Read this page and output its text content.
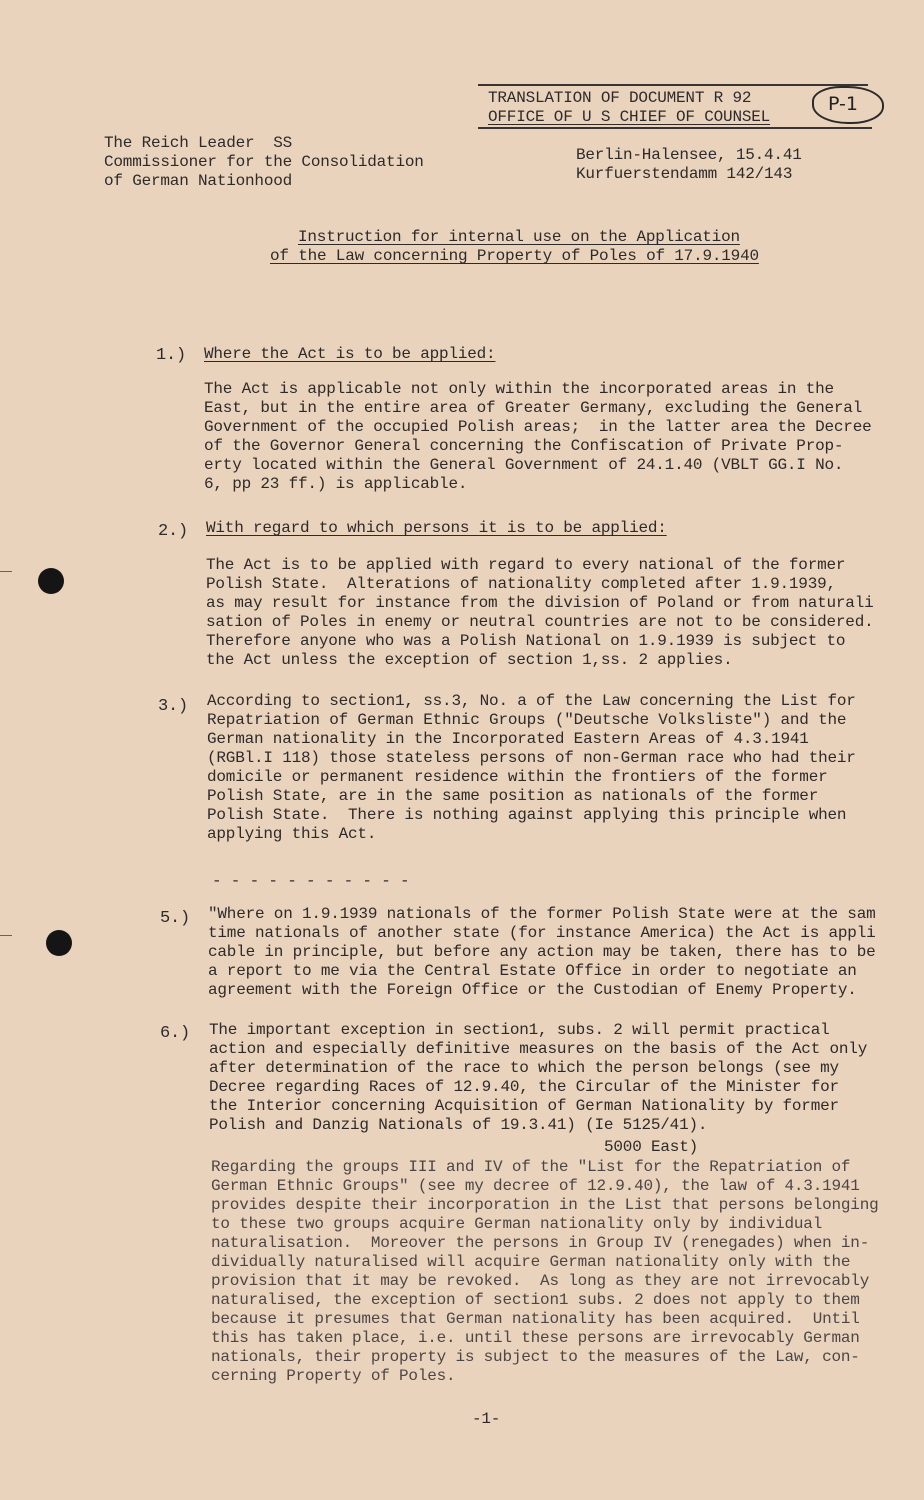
TRANSLATION OF DOCUMENT R 92
OFFICE OF U S CHIEF OF COUNSEL
P-1
The Reich Leader  SS
Commissioner for the Consolidation
of German Nationhood
Berlin-Halensee, 15.4.41
Kurfuerstendamm 142/143
Instruction for internal use on the Application
of the Law concerning Property of Poles of 17.9.1940
1.) Where the Act is to be applied:
The Act is applicable not only within the incorporated areas in the
East, but in the entire area of Greater Germany, excluding the General
Government of the occupied Polish areas;  in the latter area the Decree
of the Governor General concerning the Confiscation of Private Prop-
erty located within the General Government of 24.1.40 (VBLT GG.I No.
6, pp 23 ff.) is applicable.
2.) With regard to which persons it is to be applied:
The Act is to be applied with regard to every national of the former
Polish State.  Alterations of nationality completed after 1.9.1939,
as may result for instance from the division of Poland or from naturali
sation of Poles in enemy or neutral countries are not to be considered.
Therefore anyone who was a Polish National on 1.9.1939 is subject to
the Act unless the exception of section 1,ss. 2 applies.
3.) According to section1, ss.3, No. a of the Law concerning the List for
Repatriation of German Ethnic Groups ("Deutsche Volksliste") and the
German nationality in the Incorporated Eastern Areas of 4.3.1941
(RGBl.I 118) those stateless persons of non-German race who had their
domicile or permanent residence within the frontiers of the former
Polish State, are in the same position as nationals of the former
Polish State.  There is nothing against applying this principle when
applying this Act.
- - - - - - - - - - -
5.) "Where on 1.9.1939 nationals of the former Polish State were at the sam
time nationals of another state (for instance America) the Act is appli
cable in principle, but before any action may be taken, there has to be
a report to me via the Central Estate Office in order to negotiate an
agreement with the Foreign Office or the Custodian of Enemy Property.
6.) The important exception in section1, subs. 2 will permit practical
action and especially definitive measures on the basis of the Act only
after determination of the race to which the person belongs (see my
Decree regarding Races of 12.9.40, the Circular of the Minister for
the Interior concerning Acquisition of German Nationality by former
Polish and Danzig Nationals of 19.3.41) (Ie 5125/41).
5000 East)
Regarding the groups III and IV of the "List for the Repatriation of
German Ethnic Groups" (see my decree of 12.9.40), the law of 4.3.1941
provides despite their incorporation in the List that persons belonging
to these two groups acquire German nationality only by individual
naturalisation.  Moreover the persons in Group IV (renegades) when in-
dividually naturalised will acquire German nationality only with the
provision that it may be revoked.  As long as they are not irrevocably
naturalised, the exception of section1 subs. 2 does not apply to them
because it presumes that German nationality has been acquired.  Until
this has taken place, i.e. until these persons are irrevocably German
nationals, their property is subject to the measures of the Law, con-
cerning Property of Poles.
-1-
